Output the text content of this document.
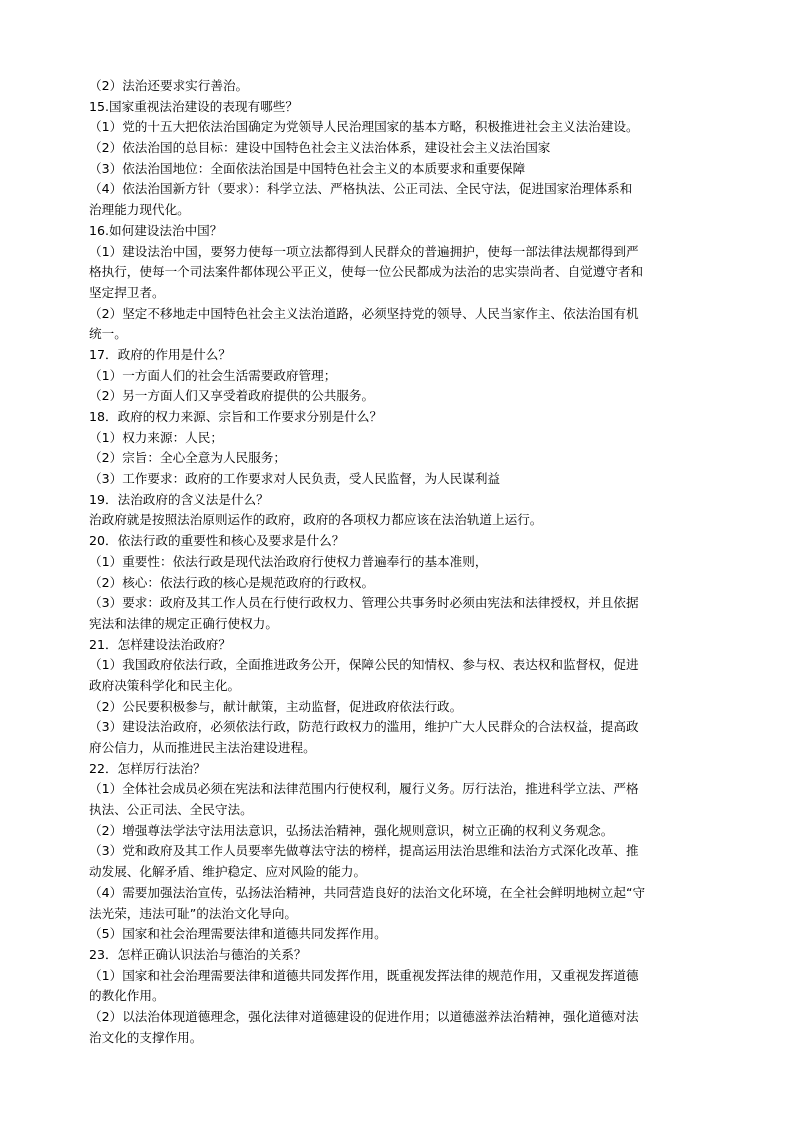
（2）法治还要求实行善治。
15.国家重视法治建设的表现有哪些？
（1）党的十五大把依法治国确定为党领导人民治理国家的基本方略，积极推进社会主义法治建设。
（2）依法治国的总目标：建设中国特色社会主义法治体系，建设社会主义法治国家
（3）依法治国地位：全面依法治国是中国特色社会主义的本质要求和重要保障
（4）依法治国新方针（要求）：科学立法、严格执法、公正司法、全民守法，促进国家治理体系和
治理能力现代化。
16.如何建设法治中国？
（1）建设法治中国，要努力使每一项立法都得到人民群众的普遍拥护，使每一部法律法规都得到严
格执行，使每一个司法案件都体现公平正义，使每一位公民都成为法治的忠实崇尚者、自觉遵守者和
坚定捍卫者。
（2）坚定不移地走中国特色社会主义法治道路，必须坚持党的领导、人民当家作主、依法治国有机
统一。
17．政府的作用是什么？
（1）一方面人们的社会生活需要政府管理；
（2）另一方面人们又享受着政府提供的公共服务。
18．政府的权力来源、宗旨和工作要求分别是什么？
（1）权力来源：人民；
（2）宗旨：全心全意为人民服务；
（3）工作要求：政府的工作要求对人民负责，受人民监督，为人民谋利益
19．法治政府的含义法是什么？
治政府就是按照法治原则运作的政府，政府的各项权力都应该在法治轨道上运行。
20．依法行政的重要性和核心及要求是什么？
（1）重要性：依法行政是现代法治政府行使权力普遍奉行的基本准则，
（2）核心：依法行政的核心是规范政府的行政权。
（3）要求：政府及其工作人员在行使行政权力、管理公共事务时必须由宪法和法律授权，并且依据
宪法和法律的规定正确行使权力。
21．怎样建设法治政府？
（1）我国政府依法行政，全面推进政务公开，保障公民的知情权、参与权、表达权和监督权，促进
政府决策科学化和民主化。
（2）公民要积极参与，献计献策，主动监督，促进政府依法行政。
（3）建设法治政府，必须依法行政，防范行政权力的滥用，维护广大人民群众的合法权益，提高政
府公信力，从而推进民主法治建设进程。
22．怎样厉行法治？
（1）全体社会成员必须在宪法和法律范围内行使权利，履行义务。厉行法治，推进科学立法、严格
执法、公正司法、全民守法。
（2）增强尊法学法守法用法意识，弘扬法治精神，强化规则意识，树立正确的权利义务观念。
（3）党和政府及其工作人员要率先做尊法守法的榜样，提高运用法治思维和法治方式深化改革、推
动发展、化解矛盾、维护稳定、应对风险的能力。
（4）需要加强法治宣传，弘扬法治精神，共同营造良好的法治文化环境，在全社会鲜明地树立起“守
法光荣，违法可耻”的法治文化导向。
（5）国家和社会治理需要法律和道德共同发挥作用。
23．怎样正确认识法治与德治的关系？
（1）国家和社会治理需要法律和道德共同发挥作用，既重视发挥法律的规范作用，又重视发挥道德
的教化作用。
（2）以法治体现道德理念，强化法律对道德建设的促进作用；以道德滋养法治精神，强化道德对法
治文化的支撑作用。
